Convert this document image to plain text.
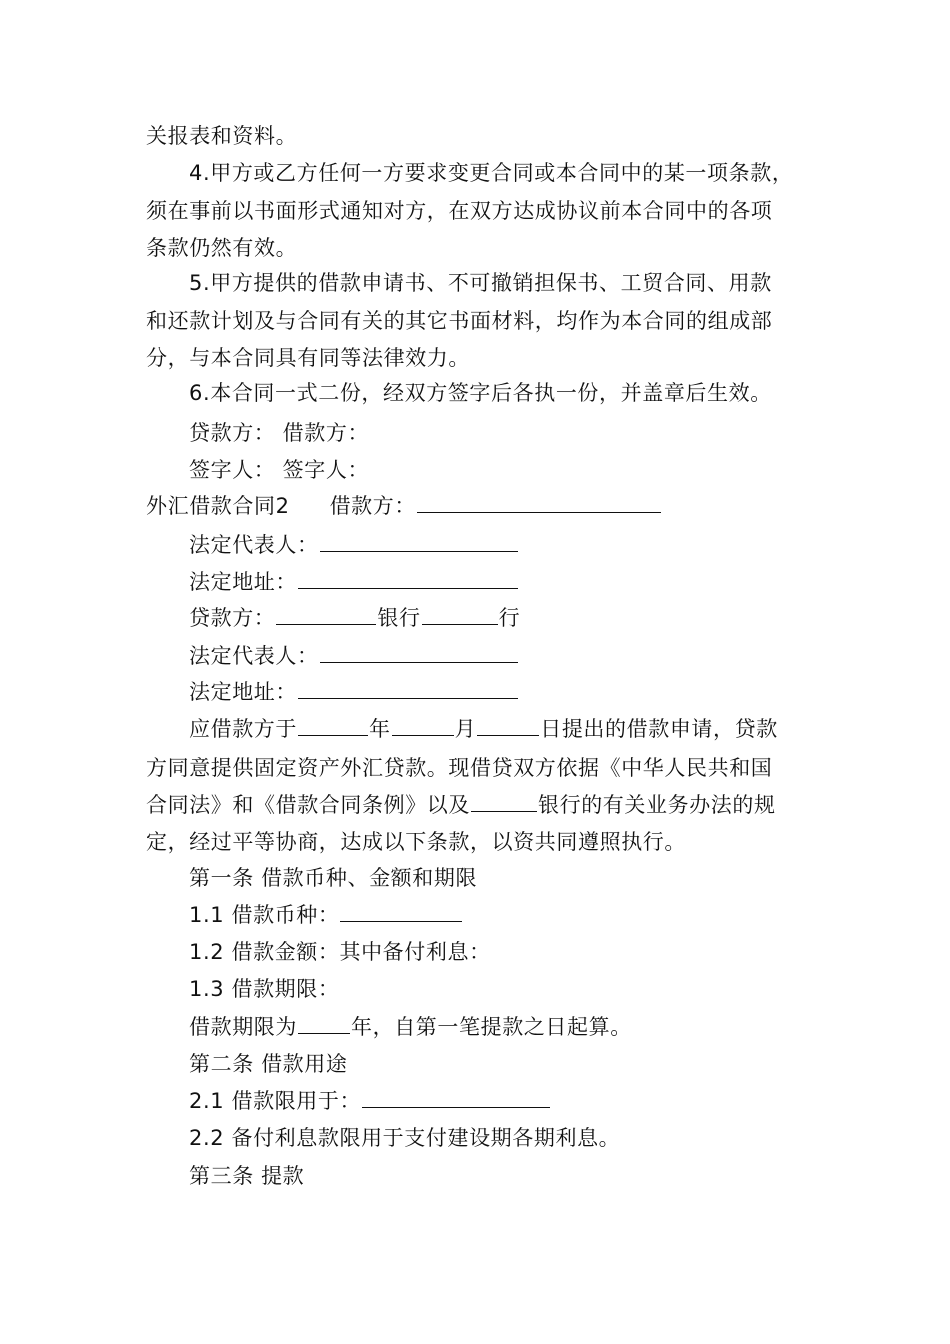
关报表和资料。
4.甲方或乙方任何一方要求变更合同或本合同中的某一项条款，
须在事前以书面形式通知对方，在双方达成协议前本合同中的各项
条款仍然有效。
5.甲方提供的借款申请书、不可撤销担保书、工贸合同、用款
和还款计划及与合同有关的其它书面材料，均作为本合同的组成部
分，与本合同具有同等法律效力。
6.本合同一式二份，经双方签字后各执一份，并盖章后生效。
贷款方： 借款方：
签字人： 签字人：
外汇借款合同2 借款方：
法定代表人：
法定地址：
贷款方：	银行	行
法定代表人：
法定地址：
应借款方于	年	月	日提出的借款申请，贷款
方同意提供固定资产外汇贷款。现借贷双方依据《中华人民共和国
合同法》和《借款合同条例》以及	银行的有关业务办法的规
定，经过平等协商，达成以下条款，以资共同遵照执行。
第一条 借款币种、金额和期限
1.1 借款币种：
1.2 借款金额：其中备付利息：
1.3 借款期限：
借款期限为	年，自第一笔提款之日起算。
第二条 借款用途
2.1 借款限用于：
2.2 备付利息款限用于支付建设期各期利息。
第三条 提款
